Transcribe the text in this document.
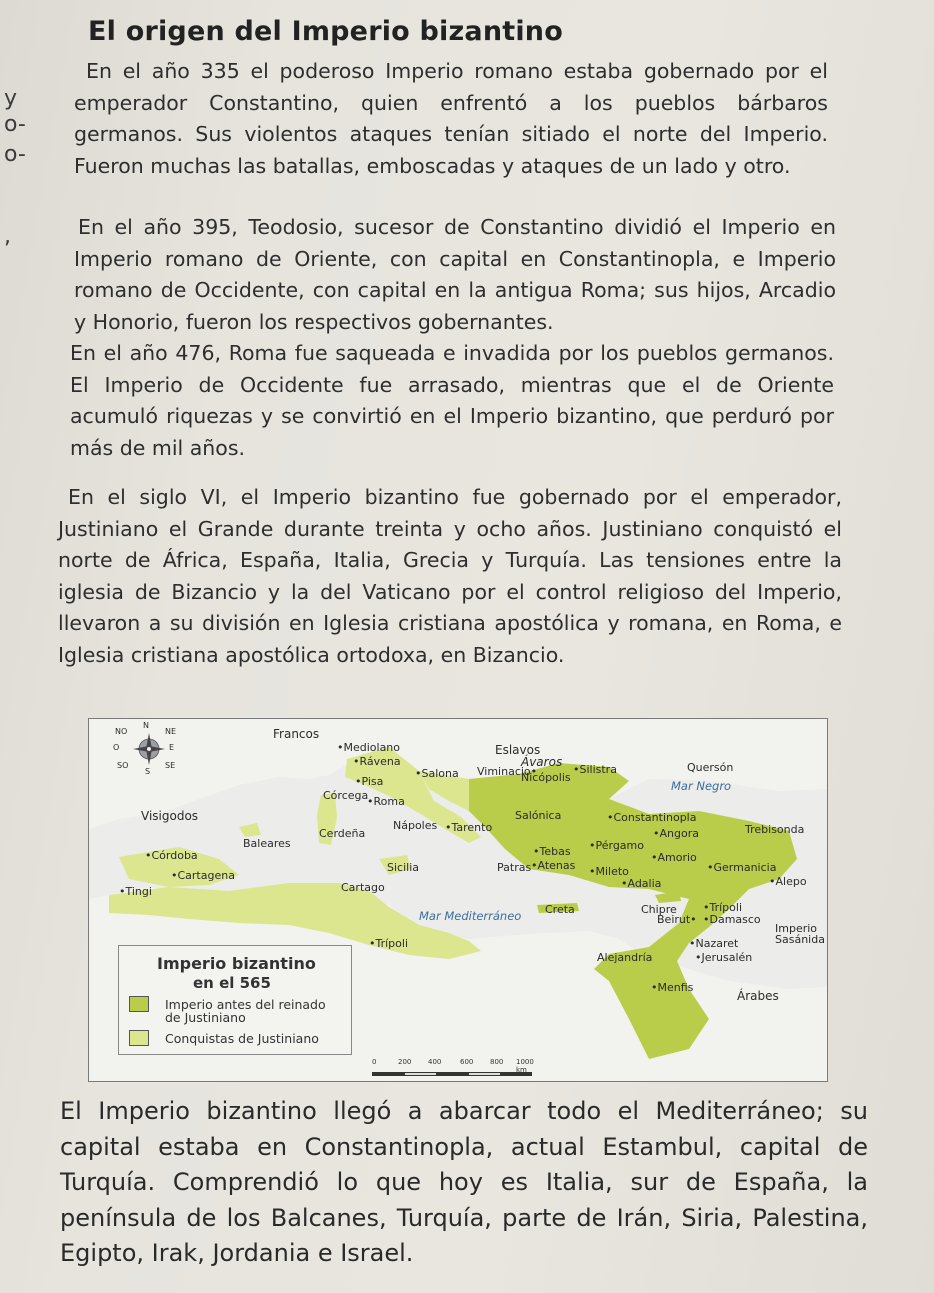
y
o-
o-
,
El origen del Imperio bizantino

En el año 335 el poderoso Imperio romano estaba gobernado por el emperador Constantino, quien enfrentó a los pueblos bárbaros germanos. Sus violentos ataques tenían sitiado el norte del Imperio. Fueron muchas las batallas, emboscadas y ataques de un lado y otro.

En el año 395, Teodosio, sucesor de Constantino dividió el Imperio en Imperio romano de Oriente, con capital en Constantinopla, e Imperio romano de Occidente, con capital en la antigua Roma; sus hijos, Arcadio y Honorio, fueron los respectivos gobernantes.

En el año 476, Roma fue saqueada e invadida por los pueblos germanos. El Imperio de Occidente fue arrasado, mientras que el de Oriente acumuló riquezas y se convirtió en el Imperio bizantino, que perduró por más de mil años.

En el siglo VI, el Imperio bizantino fue gobernado por el emperador, Justiniano el Grande durante treinta y ocho años. Justiniano conquistó el norte de África, España, Italia, Grecia y Turquía. Las tensiones entre la iglesia de Bizancio y la del Vaticano por el control religioso del Imperio, llevaron a su división en Iglesia cristiana apostólica y romana, en Roma, e Iglesia cristiana apostólica ortodoxa, en Bizancio.

N
NE
E
SE
S
SO
O
NO	Francos
•Mediolano	Eslavos
Ávaros
•Rávena
•Salona Viminacio•
Nicópolis
•Silistra	Quersón
•Pisa	Mar Negro
Córcega
•Roma
Visigodos	Salónica	•Constantinopla
Trebisonda
Nápoles •Tarento
Cerdeña
Baleares
•Angora
•Córdoba	•Tebas •Pérgamo
•Amorio
Sicilia	Patras •Atenas •Mileto	•Germanicia
•Cartagena
•Adalia	•Alepo
•Tingi	Cartago
Mar Mediterráneo Creta	Chipre •Trípoli
Beirut• •Damasco
Imperio Sasánida
•Trípoli	•Nazaret
Alejandría	•Jerusalén
•Menfis
Árabes
Imperio bizantino
en el 565
Imperio antes del reinado de Justiniano
Conquistas de Justiniano
0	200 400	600 800 1000 km

El Imperio bizantino llegó a abarcar todo el Mediterráneo; su capital estaba en Constantinopla, actual Estambul, capital de Turquía. Comprendió lo que hoy es Italia, sur de España, la península de los Balcanes, Turquía, parte de Irán, Siria, Palestina, Egipto, Irak, Jordania e Israel.
